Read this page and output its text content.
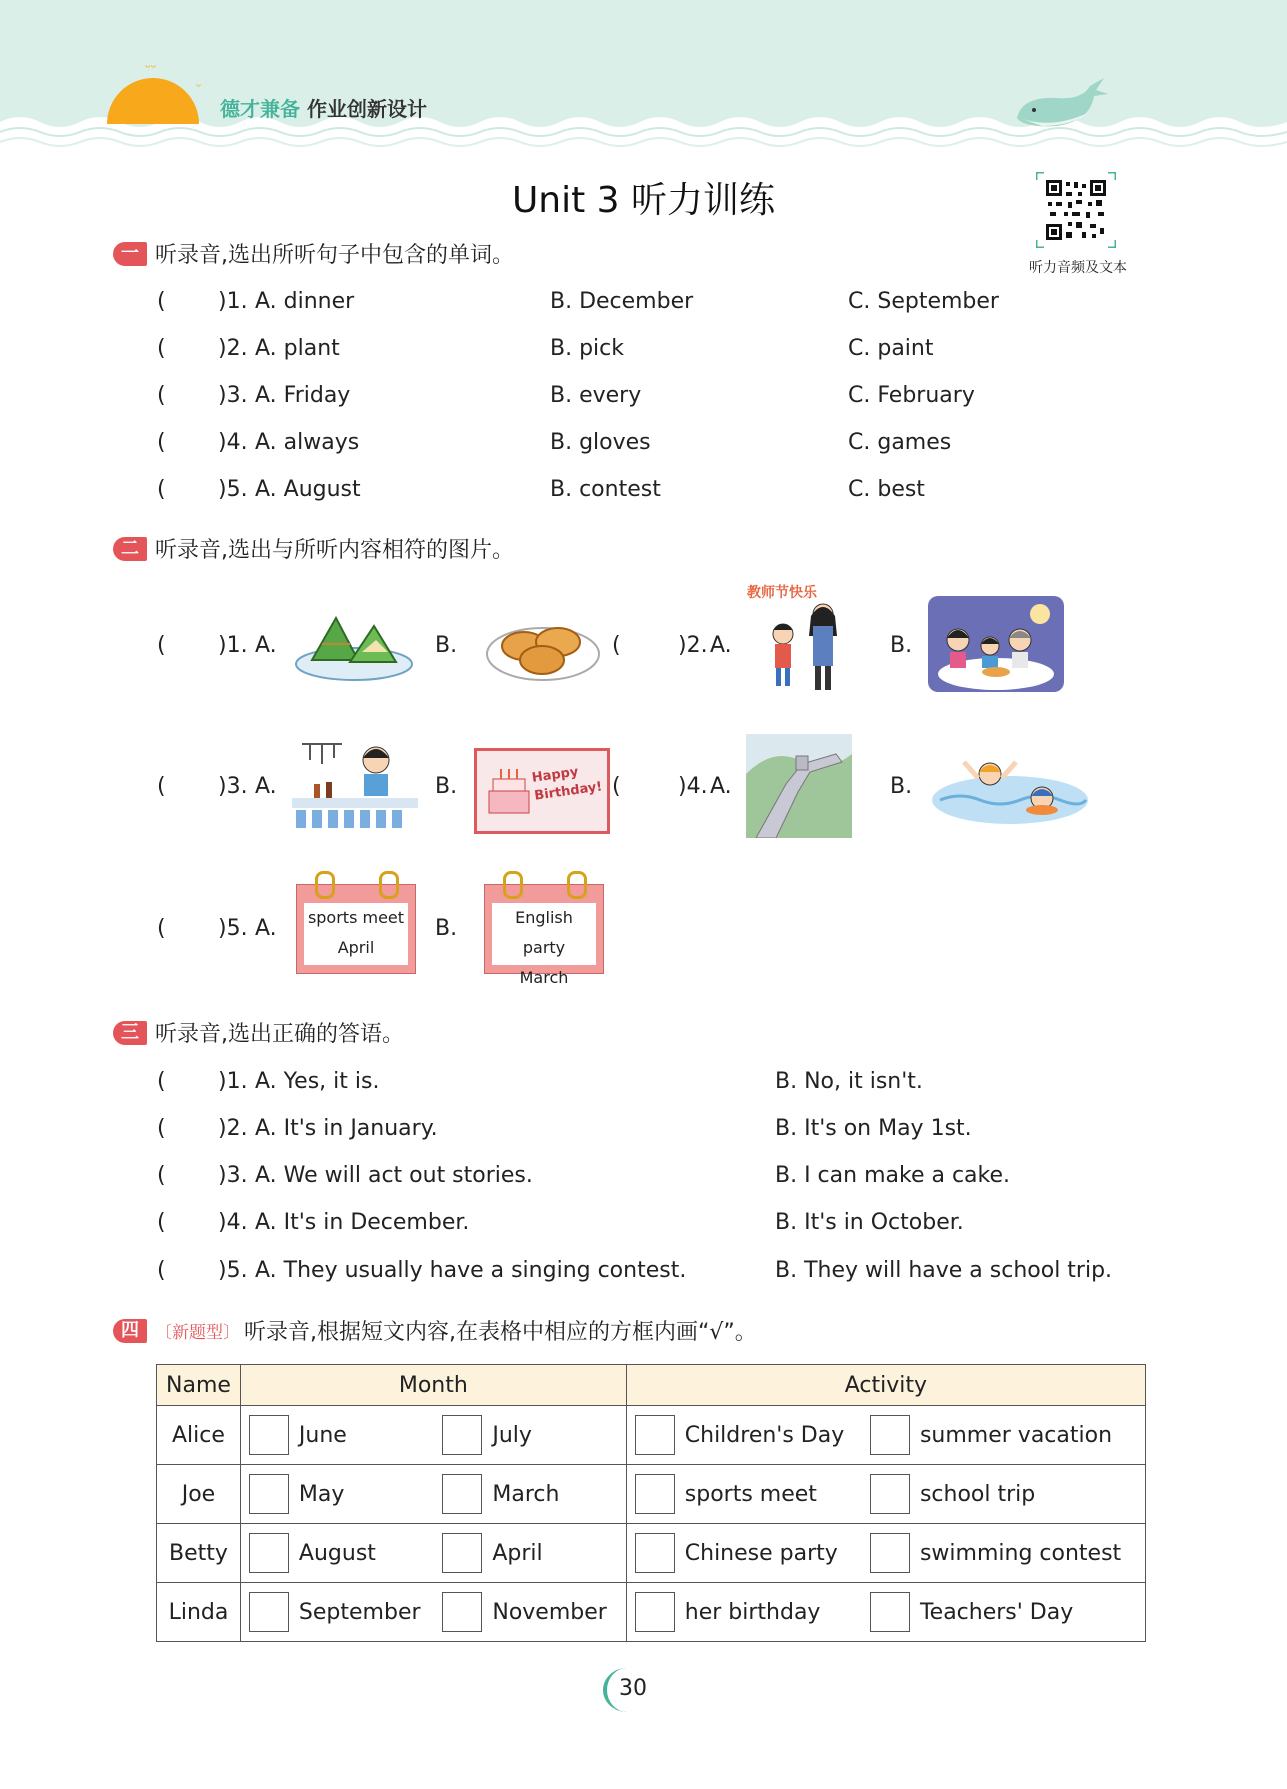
ᵕᵕ
ᵕ
德才兼备 作业创新设计
Unit 3 听力训练
听力音频及文本
一 听录音,选出所听句子中包含的单词。
( )1. A. dinner	B. December	C. September
( )2. A. plant	B. pick	C. paint
( )3. A. Friday	B. every	C. February
( )4. A. always	B. gloves	C. games
( )5. A. August	B. contest	C. best
二 听录音,选出与所听内容相符的图片。
( )1. A.	B.	(	)2. A.	B.
教师节快乐
( )3. A.	B.	Happy Birthday! (	)4. A.	B.
( )5. A.	B.
sports meet
April
English party
March
三 听录音,选出正确的答语。
( )1. A. Yes, it is.	B. No, it isn't.
( )2. A. It's in January.	B. It's on May 1st.
( )3. A. We will act out stories.	B. I can make a cake.
( )4. A. It's in December.	B. It's in October.
( )5. A. They usually have a singing contest.	B. They will have a school trip.
四 〔新题型〕 听录音,根据短文内容,在表格中相应的方框内画“√”。
Name	Month		Activity	
Alice	June	July	Children's Day	summer vacation

Joe	May	March	sports meet	school trip

Betty	August	April	Chinese party	swimming contest

Linda	September	November	her birthday	Teachers' Day
30
